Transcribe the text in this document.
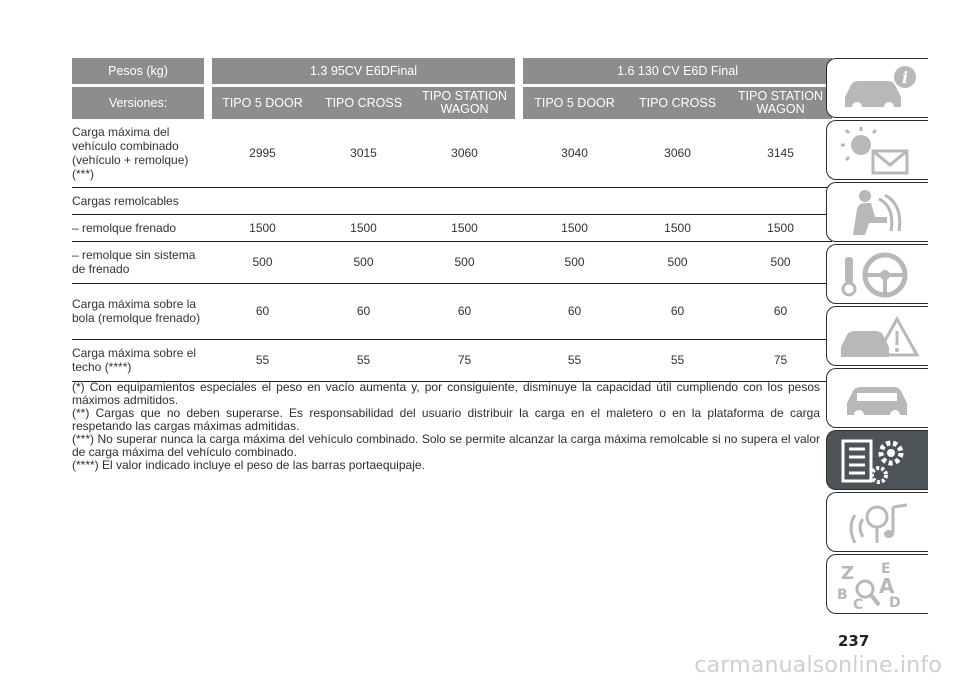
Pesos (kg)		1.3 95CV E6DFinal				1.6 130 CV E6D Final		

Versiones:		TIPO 5 DOOR	TIPO CROSS	TIPO STATION WAGON		TIPO 5 DOOR	TIPO CROSS	TIPO STATION WAGON
Carga máxima del vehículo combinado (vehículo + remolque) (***)		2995	3015	3060		3040	3060	3145
Cargas remolcables								
– remolque frenado		1500	1500	1500		1500	1500	1500
– remolque sin sistema de frenado		500	500	500		500	500	500
Carga máxima sobre la bola (remolque frenado)		60	60	60		60	60	60
Carga máxima sobre el techo (****)		55	55	75		55	55	75

(*) Con equipamientos especiales el peso en vacío aumenta y, por consiguiente, disminuye la capacidad útil cumpliendo con los pesos máximos admitidos.

(**) Cargas que no deben superarse. Es responsabilidad del usuario distribuir la carga en el maletero o en la plataforma de carga respetando las cargas máximas admitidas.

(***) No superar nunca la carga máxima del vehículo combinado. Solo se permite alcanzar la carga máxima remolcable si no supera el valor de carga máxima del vehículo combinado.

(****) El valor indicado incluye el peso de las barras portaequipaje.

i
Z E
B A
C D
237
carmanualsonline.info
